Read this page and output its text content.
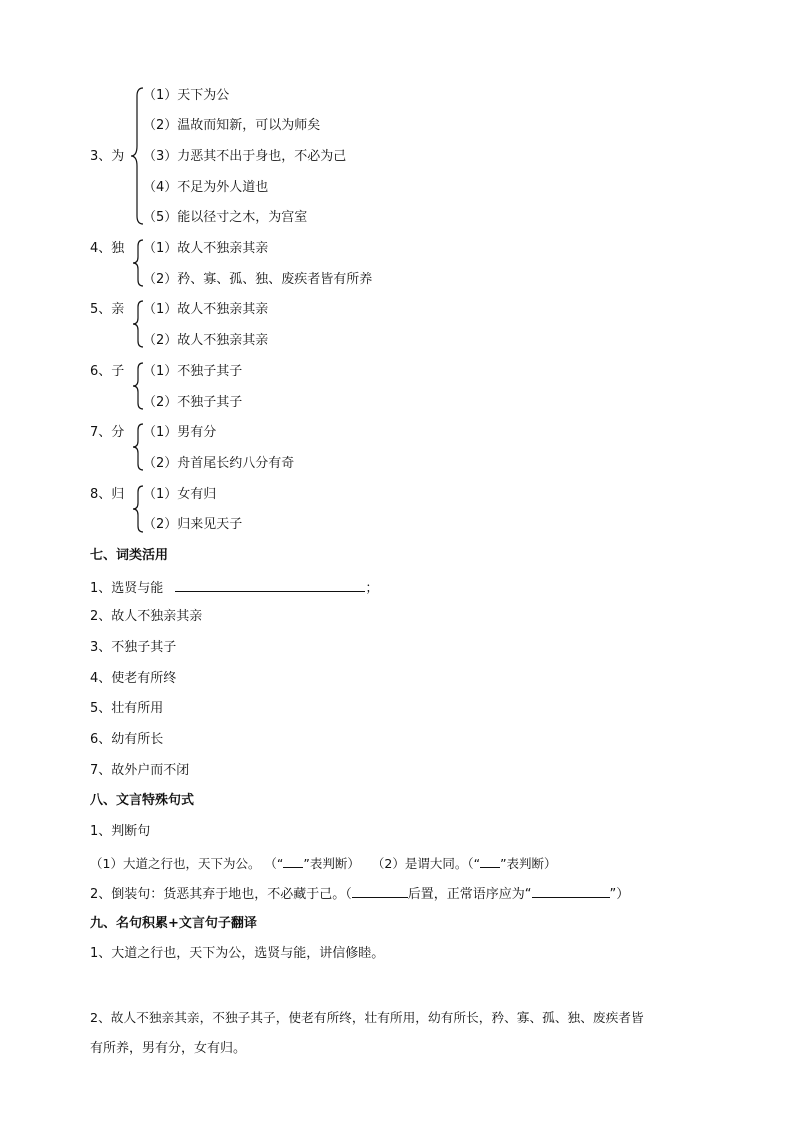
3、为
（1）天下为公
（2）温故而知新，可以为师矣
（3）力恶其不出于身也，不必为己
（4）不足为外人道也
（5）能以径寸之木，为宫室
4、独 （1）故人不独亲其亲
（2）矜、寡、孤、独、废疾者皆有所养
5、亲 （1）故人不独亲其亲
（2）故人不独亲其亲
6、子 （1）不独子其子
（2）不独子其子
7、分 （1）男有分
（2）舟首尾长约八分有奇
8、归 （1）女有归
（2）归来见天子
七、词类活用
1、选贤与能	；
2、故人不独亲其亲
3、不独子其子
4、使老有所终
5、壮有所用
6、幼有所长
7、故外户而不闭
八、文言特殊句式
1、判断句
（1）大道之行也，天下为公。 （“ ”表判断） （2）是谓大同。（“ ”表判断）
2、倒装句：货恶其弃于地也，不必藏于己。（	后置，正常语序应为“	”）
九、名句积累+文言句子翻译
1、大道之行也，天下为公，选贤与能，讲信修睦。
2、故人不独亲其亲，不独子其子，使老有所终，壮有所用，幼有所长，矜、寡、孤、独、废疾者皆
有所养，男有分，女有归。
